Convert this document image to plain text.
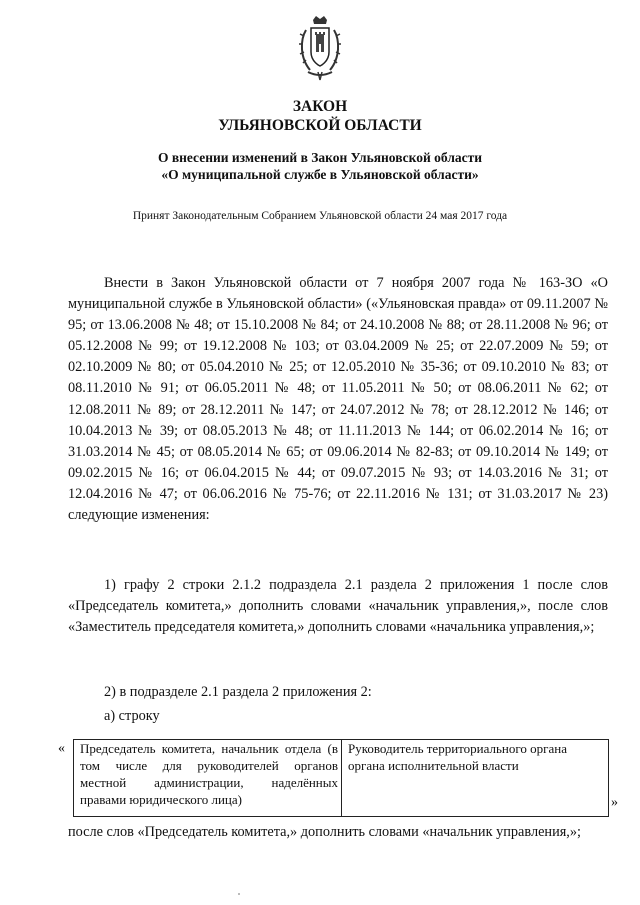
ЗАКОН
УЛЬЯНОВСКОЙ ОБЛАСТИ
О внесении изменений в Закон Ульяновской области
«О муниципальной службе в Ульяновской области»
Принят Законодательным Собранием Ульяновской области 24 мая 2017 года

Внести в Закон Ульяновской области от 7 ноября 2007 года № 163-ЗО «О муниципальной службе в Ульяновской области» («Ульяновская правда» от 09.11.2007 № 95; от 13.06.2008 № 48; от 15.10.2008 № 84; от 24.10.2008 № 88; от 28.11.2008 № 96; от 05.12.2008 № 99; от 19.12.2008 № 103; от 03.04.2009 № 25; от 22.07.2009 № 59; от 02.10.2009 № 80; от 05.04.2010 № 25; от 12.05.2010 № 35-36; от 09.10.2010 № 83; от 08.11.2010 № 91; от 06.05.2011 № 48; от 11.05.2011 № 50; от 08.06.2011 № 62; от 12.08.2011 № 89; от 28.12.2011 № 147; от 24.07.2012 № 78; от 28.12.2012 № 146; от 10.04.2013 № 39; от 08.05.2013 № 48; от 11.11.2013 № 144; от 06.02.2014 № 16; от 31.03.2014 № 45; от 08.05.2014 № 65; от 09.06.2014 № 82-83; от 09.10.2014 № 149; от 09.02.2015 № 16; от 06.04.2015 № 44; от 09.07.2015 № 93; от 14.03.2016 № 31; от 12.04.2016 № 47; от 06.06.2016 № 75-76; от 22.11.2016 № 131; от 31.03.2017 № 23) следующие изменения:

1) графу 2 строки 2.1.2 подраздела 2.1 раздела 2 приложения 1 после слов «Председатель комитета,» дополнить словами «начальник управления,», после слов «Заместитель председателя комитета,» дополнить словами «начальника управления,»;

2) в подразделе 2.1 раздела 2 приложения 2:

а) строку

«	Председатель комитета, начальник отдела (в том числе для руководителей органов местной администрации, наделённых правами юридического лица)
Руководитель территориального органа органа исполнительной власти
»
после слов «Председатель комитета,» дополнить словами «начальник управления,»;
